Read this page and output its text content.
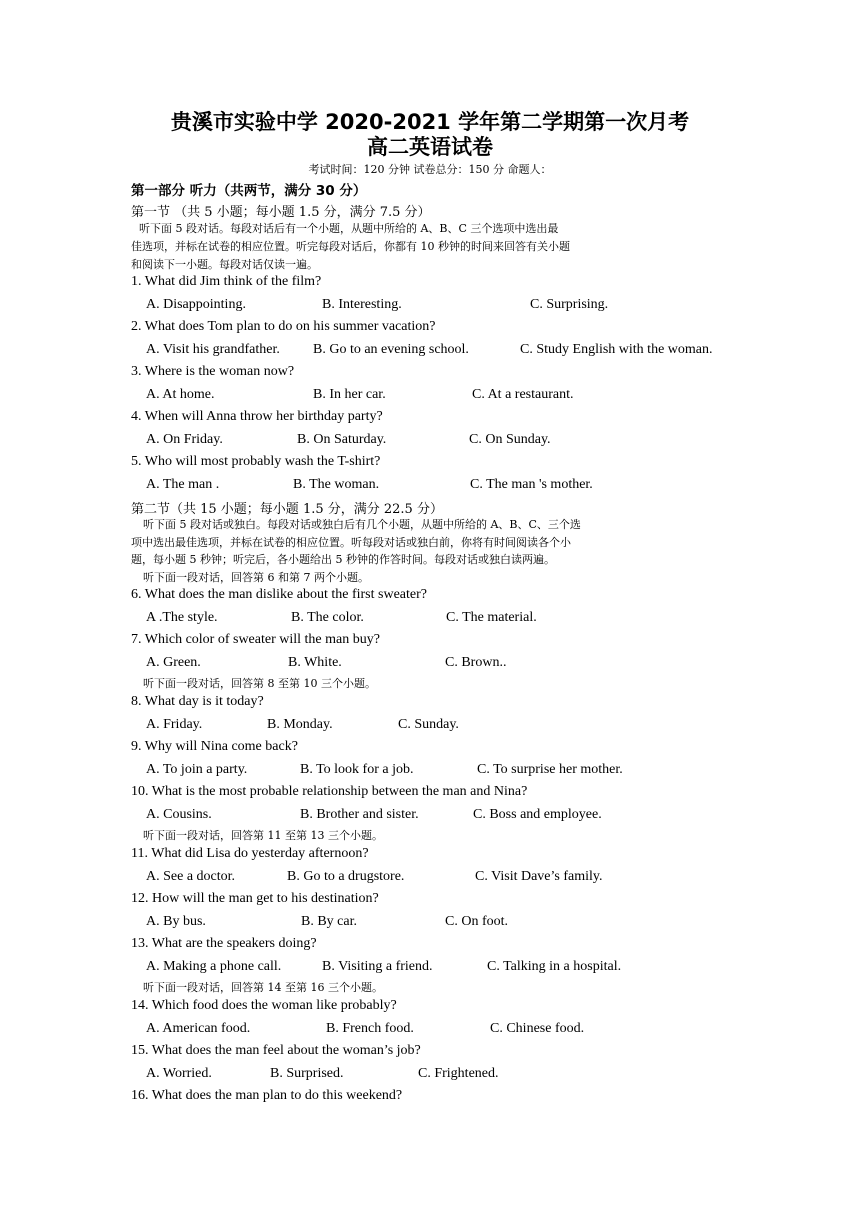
贵溪市实验中学 2020-2021 学年第二学期第一次月考
高二英语试卷
考试时间：120 分钟 试卷总分：150 分 命题人：
第一部分 听力（共两节，满分 30 分）
第一节 （共 5 小题；每小题 1.5 分，满分 7.5 分）
听下面 5 段对话。每段对话后有一个小题，从题中所给的 A、B、C 三个选项中选出最
佳选项，并标在试卷的相应位置。听完每段对话后，你都有 10 秒钟的时间来回答有关小题
和阅读下一小题。每段对话仅读一遍。
1. What did Jim think of the film?
A. Disappointing.	B. Interesting.	C. Surprising.
2. What does Tom plan to do on his summer vacation?
A. Visit his grandfather. B. Go to an evening school.	C. Study English with the woman.
3. Where is the woman now?
A. At home.	B. In her car.	C. At a restaurant.
4. When will Anna throw her birthday party?
A. On Friday.	B. On Saturday.	C. On Sunday.
5. Who will most probably wash the T-shirt?
A. The man .	B. The woman.	C. The man 's mother.
第二节（共 15 小题；每小题 1.5 分，满分 22.5 分）
听下面 5 段对话或独白。每段对话或独白后有几个小题，从题中所给的 A、B、C、三个选
项中选出最佳选项，并标在试卷的相应位置。听每段对话或独白前，你将有时间阅读各个小
题，每小题 5 秒钟；听完后，各小题给出 5 秒钟的作答时间。每段对话或独白读两遍。
听下面一段对话，回答第 6 和第 7 两个小题。
6. What does the man dislike about the first sweater?
A .The style.	B. The color.	C. The material.
7. Which color of sweater will the man buy?
A. Green.	B. White.	C. Brown..
听下面一段对话，回答第 8 至第 10 三个小题。
8. What day is it today?
A. Friday.	B. Monday.	C. Sunday.
9. Why will Nina come back?
A. To join a party.	B. To look for a job.	C. To surprise her mother.
10. What is the most probable relationship between the man and Nina?
A. Cousins.	B. Brother and sister.	C. Boss and employee.
听下面一段对话，回答第 11 至第 13 三个小题。
11. What did Lisa do yesterday afternoon?
A. See a doctor.	B. Go to a drugstore.	C. Visit Dave’s family.
12. How will the man get to his destination?
A. By bus.	B. By car.	C. On foot.
13. What are the speakers doing?
A. Making a phone call.	B. Visiting a friend.	C. Talking in a hospital.
听下面一段对话，回答第 14 至第 16 三个小题。
14. Which food does the woman like probably?
A. American food.	B. French food.	C. Chinese food.
15. What does the man feel about the woman’s job?
A. Worried.	B. Surprised.	C. Frightened.
16. What does the man plan to do this weekend?
